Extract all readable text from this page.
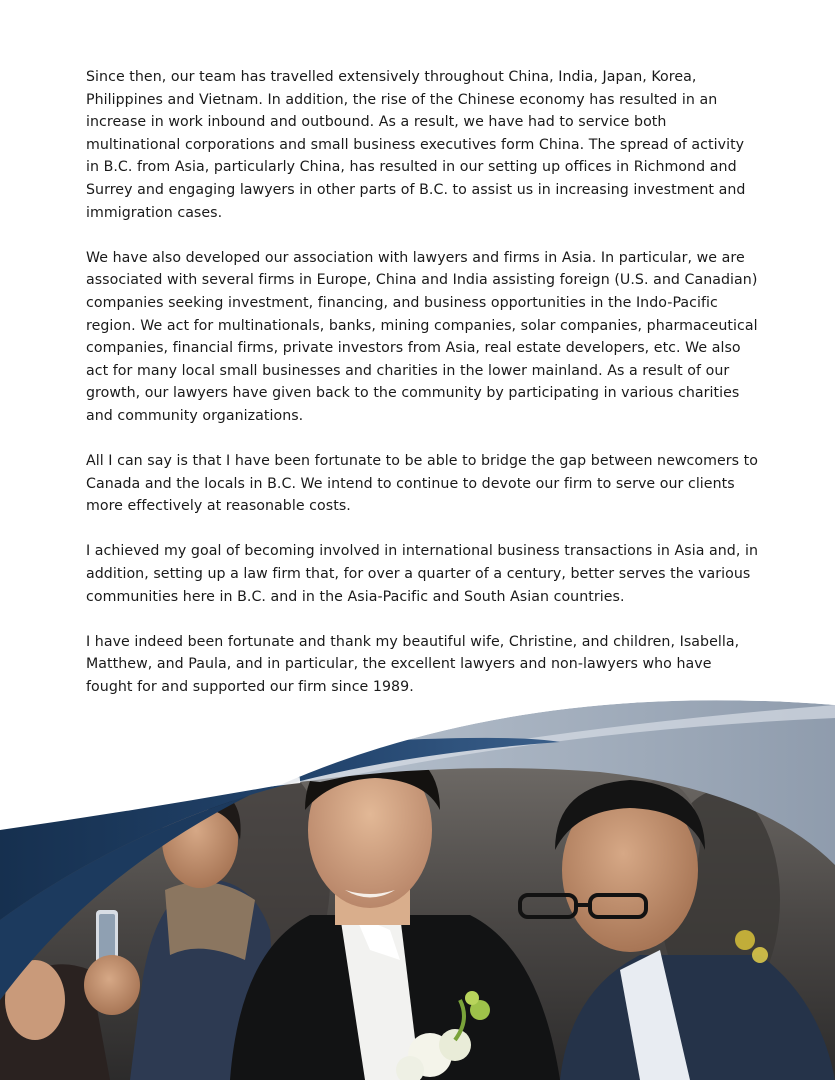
Since then, our team has travelled extensively throughout China, India, Japan, Korea, Philippines and Vietnam. In addition, the rise of the Chinese economy has resulted in an increase in work inbound and outbound. As a result, we have had to service both multinational corporations and small business executives form China. The spread of activity in B.C. from Asia, particularly China, has resulted in our setting up offices in Richmond and Surrey and engaging lawyers in other parts of B.C. to assist us in increasing investment and immigration cases.

We have also developed our association with lawyers and firms in Asia. In particular, we are associated with several firms in Europe, China and India assisting foreign (U.S. and Canadian) companies seeking investment, financing, and business opportunities in the Indo-Pacific region. We act for multinationals, banks, mining companies, solar companies, pharmaceutical companies, financial firms, private investors from Asia, real estate developers, etc. We also act for many local small businesses and charities in the lower mainland. As a result of our growth, our lawyers have given back to the community by participating in various charities and community organizations.

All I can say is that I have been fortunate to be able to bridge the gap between newcomers to Canada and the locals in B.C. We intend to continue to devote our firm to serve our clients more effectively at reasonable costs.

I achieved my goal of becoming involved in international business transactions in Asia and, in addition, setting up a law firm that, for over a quarter of a century, better serves the various communities here in B.C. and in the Asia-Pacific and South Asian countries.

I have indeed been fortunate and thank my beautiful wife, Christine, and children, Isabella, Matthew, and Paula, and in particular, the excellent lawyers and non-lawyers who have fought for and supported our firm since 1989.
